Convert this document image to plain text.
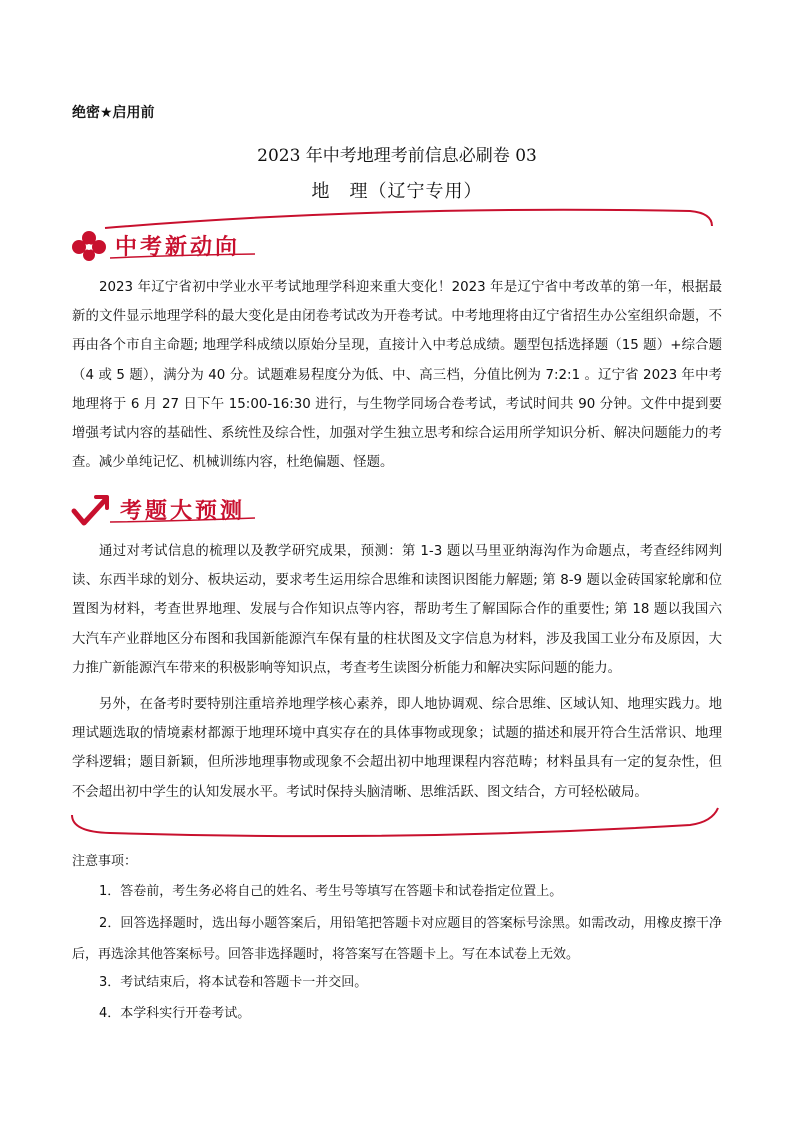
绝密★启用前
2023 年中考地理考前信息必刷卷 03
地　理（辽宁专用）
中考新动向
2023 年辽宁省初中学业水平考试地理学科迎来重大变化！2023 年是辽宁省中考改革的第一年，根据最新的文件显示地理学科的最大变化是由闭卷考试改为开卷考试。中考地理将由辽宁省招生办公室组织命题，不再由各个市自主命题; 地理学科成绩以原始分呈现，直接计入中考总成绩。题型包括选择题（15 题）+综合题（4 或 5 题），满分为 40 分。试题难易程度分为低、中、高三档，分值比例为 7:2:1 。辽宁省 2023 年中考地理将于 6 月 27 日下午 15:00-16:30 进行，与生物学同场合卷考试，考试时间共 90 分钟。文件中提到要增强考试内容的基础性、系统性及综合性，加强对学生独立思考和综合运用所学知识分析、解决问题能力的考查。减少单纯记忆、机械训练内容，杜绝偏题、怪题。
考题大预测
通过对考试信息的梳理以及教学研究成果，预测：第 1-3 题以马里亚纳海沟作为命题点，考查经纬网判读、东西半球的划分、板块运动，要求考生运用综合思维和读图识图能力解题; 第 8-9 题以金砖国家轮廓和位置图为材料，考查世界地理、发展与合作知识点等内容，帮助考生了解国际合作的重要性; 第 18 题以我国六大汽车产业群地区分布图和我国新能源汽车保有量的柱状图及文字信息为材料，涉及我国工业分布及原因，大力推广新能源汽车带来的积极影响等知识点，考查考生读图分析能力和解决实际问题的能力。
另外，在备考时要特别注重培养地理学核心素养，即人地协调观、综合思维、区域认知、地理实践力。地理试题选取的情境素材都源于地理环境中真实存在的具体事物或现象；试题的描述和展开符合生活常识、地理学科逻辑；题目新颖，但所涉地理事物或现象不会超出初中地理课程内容范畴；材料虽具有一定的复杂性，但不会超出初中学生的认知发展水平。考试时保持头脑清晰、思维活跃、图文结合，方可轻松破局。
注意事项：
1．答卷前，考生务必将自己的姓名、考生号等填写在答题卡和试卷指定位置上。
2．回答选择题时，选出每小题答案后，用铅笔把答题卡对应题目的答案标号涂黑。如需改动，用橡皮擦干净后，再选涂其他答案标号。回答非选择题时，将答案写在答题卡上。写在本试卷上无效。
3．考试结束后，将本试卷和答题卡一并交回。
4．本学科实行开卷考试。
